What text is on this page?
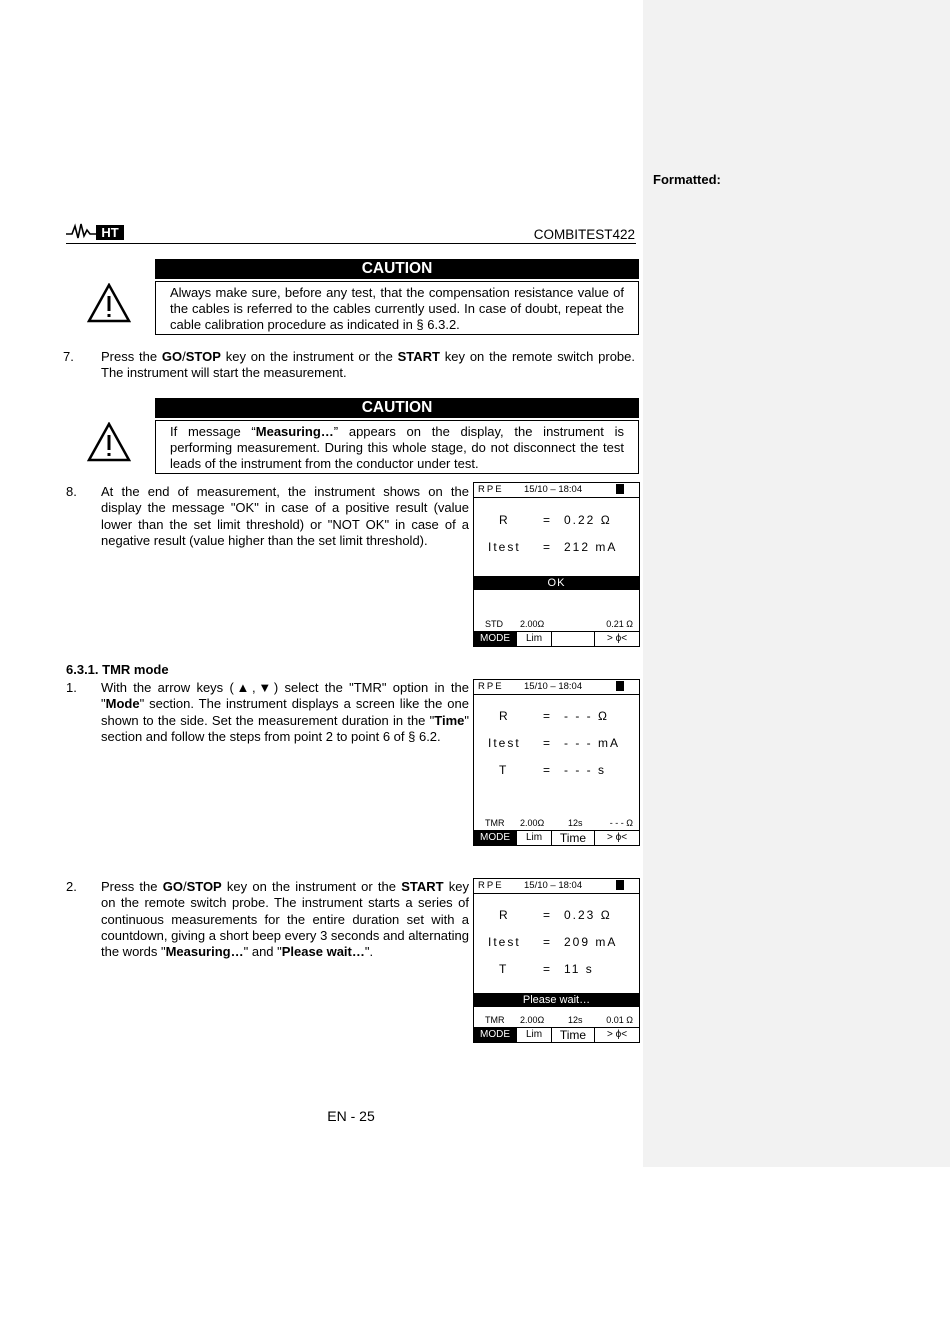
Formatted:
HT	COMBITEST422
CAUTION
Always make sure, before any test, that the compensation resistance value of the cables is referred to the cables currently used. In case of doubt, repeat the cable calibration procedure as indicated in § 6.3.2.
7. Press the GO/STOP key on the instrument or the START key on the remote switch probe. The instrument will start the measurement.
CAUTION
If message “Measuring…” appears on the display, the instrument is performing measurement. During this whole stage, do not disconnect the test leads of the instrument from the conductor under test.
8. At the end of measurement, the instrument shows on the display the message "OK" in case of a positive result (value lower than the set limit threshold) or "NOT OK" in case of a negative result (value higher than the set limit threshold).
RPE 15/10 – 18:04
R	= 0.22 Ω
Itest = 212 mA
OK
STD 2.00Ω	0.21 Ω
MODE	Lim	> ϕ<
6.3.1. TMR mode
1. With the arrow keys (▲,▼) select the "TMR" option in the "Mode" section. The instrument displays a screen like the one shown to the side. Set the measurement duration in the "Time" section and follow the steps from point 2 to point 6 of § 6.2.
RPE 15/10 – 18:04
R	= - - - Ω
Itest = - - - mA
T	= - - - s
TMR 2.00Ω	12s	- - - Ω
MODE	Lim	Time	> ϕ<
2. Press the GO/STOP key on the instrument or the START key on the remote switch probe. The instrument starts a series of continuous measurements for the entire duration set with a countdown, giving a short beep every 3 seconds and alternating the words "Measuring…" and "Please wait…".
RPE 15/10 – 18:04
R	= 0.23 Ω
Itest = 209 mA
T	= 11 s
Please wait…
TMR 2.00Ω	12s	0.01 Ω
MODE	Lim	Time	> ϕ<
EN - 25
